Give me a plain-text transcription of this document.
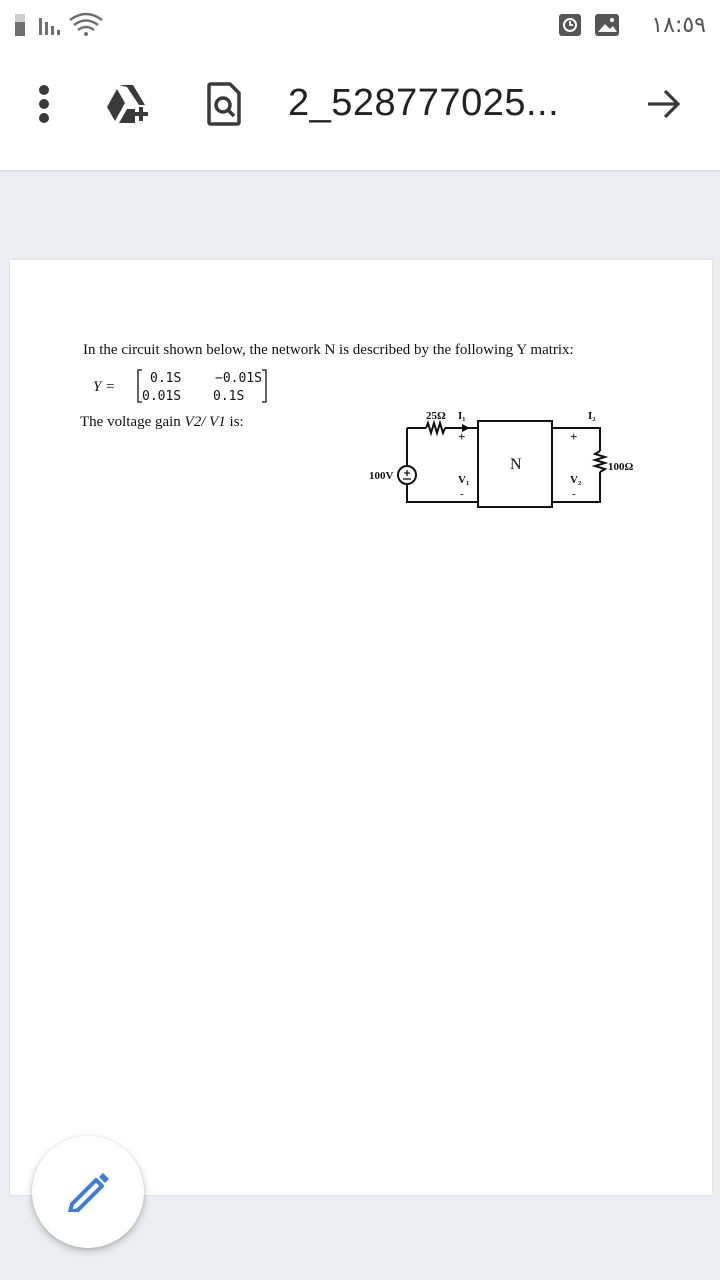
١٨:٥٩
2_528777025...
In the circuit shown below, the network N is described by the following Y matrix:
Y =
0.1S	−0.01S
0.01S 0.1S
The voltage gain V2/ V1 is:
100V
25Ω
100Ω
I₁	I₂
+	+
V₁	V₂
-	-
N
